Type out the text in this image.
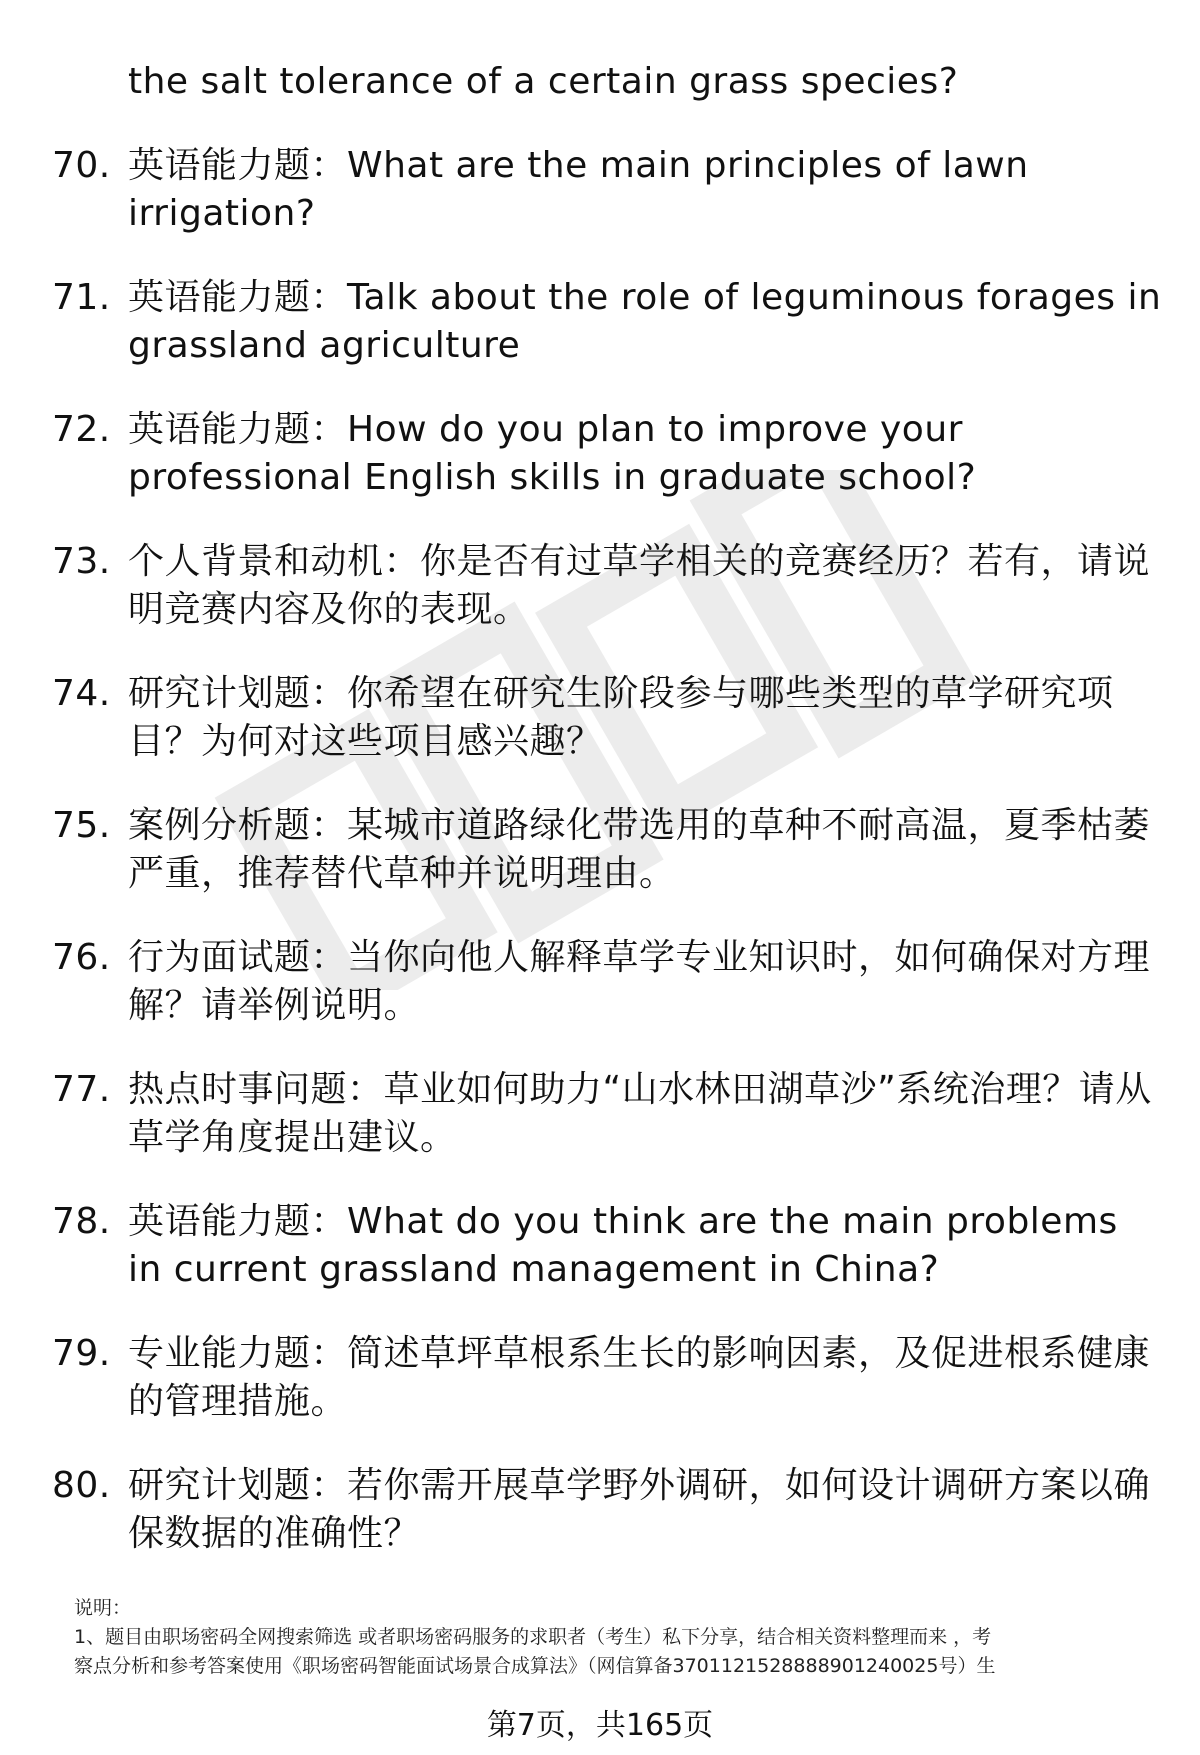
the salt tolerance of a certain grass species?
70. 英语能力题：What are the main principles of lawn irrigation?
71. 英语能力题：Talk about the role of leguminous forages in grassland agriculture
72. 英语能力题：How do you plan to improve your professional English skills in graduate school?
73. 个人背景和动机：你是否有过草学相关的竞赛经历？若有，请说明竞赛内容及你的表现。
74. 研究计划题：你希望在研究生阶段参与哪些类型的草学研究项目？为何对这些项目感兴趣？
75. 案例分析题：某城市道路绿化带选用的草种不耐高温，夏季枯萎严重，推荐替代草种并说明理由。
76. 行为面试题：当你向他人解释草学专业知识时，如何确保对方理解？请举例说明。
77. 热点时事问题：草业如何助力“山水林田湖草沙”系统治理？请从草学角度提出建议。
78. 英语能力题：What do you think are the main problems in current grassland management in China?
79. 专业能力题：简述草坪草根系生长的影响因素，及促进根系健康的管理措施。
80. 研究计划题：若你需开展草学野外调研，如何设计调研方案以确保数据的准确性？
说明：
1、题目由职场密码全网搜索筛选 或者职场密码服务的求职者（考生）私下分享，结合相关资料整理而来 ，考
察点分析和参考答案使用《职场密码智能面试场景合成算法》（网信算备3701121528888901240025号）生
第7页，共165页
